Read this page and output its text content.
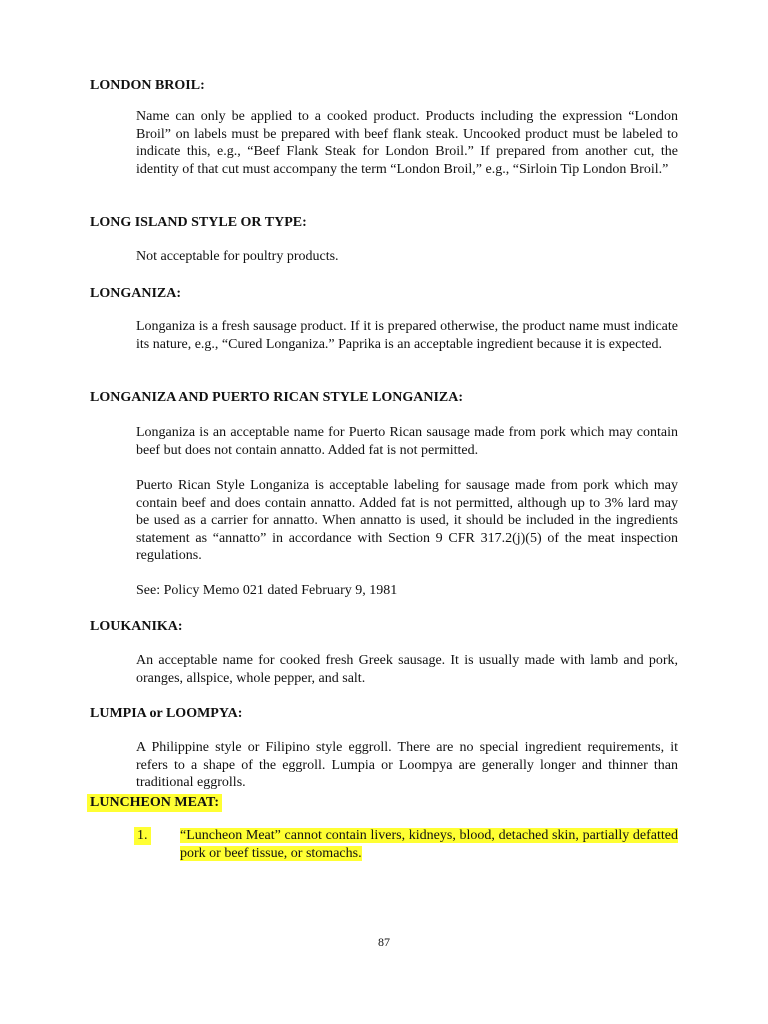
LONDON BROIL:

Name can only be applied to a cooked product. Products including the expression “London Broil” on labels must be prepared with beef flank steak. Uncooked product must be labeled to indicate this, e.g., “Beef Flank Steak for London Broil.” If prepared from another cut, the identity of that cut must accompany the term “London Broil,” e.g., “Sirloin Tip London Broil.”

LONG ISLAND STYLE OR TYPE:

Not acceptable for poultry products.

LONGANIZA:

Longaniza is a fresh sausage product. If it is prepared otherwise, the product name must indicate its nature, e.g., “Cured Longaniza.” Paprika is an acceptable ingredient because it is expected.

LONGANIZA AND PUERTO RICAN STYLE LONGANIZA:

Longaniza is an acceptable name for Puerto Rican sausage made from pork which may contain beef but does not contain annatto. Added fat is not permitted.

Puerto Rican Style Longaniza is acceptable labeling for sausage made from pork which may contain beef and does contain annatto. Added fat is not permitted, although up to 3% lard may be used as a carrier for annatto. When annatto is used, it should be included in the ingredients statement as “annatto” in accordance with Section 9 CFR 317.2(j)(5) of the meat inspection regulations.

See: Policy Memo 021 dated February 9, 1981

LOUKANIKA:

An acceptable name for cooked fresh Greek sausage. It is usually made with lamb and pork, oranges, allspice, whole pepper, and salt.

LUMPIA or LOOMPYA:

A Philippine style or Filipino style eggroll. There are no special ingredient requirements, it refers to a shape of the eggroll. Lumpia or Loompya are generally longer and thinner than traditional eggrolls.

LUNCHEON MEAT:

1. “Luncheon Meat” cannot contain livers, kidneys, blood, detached skin, partially defatted pork or beef tissue, or stomachs.

87
